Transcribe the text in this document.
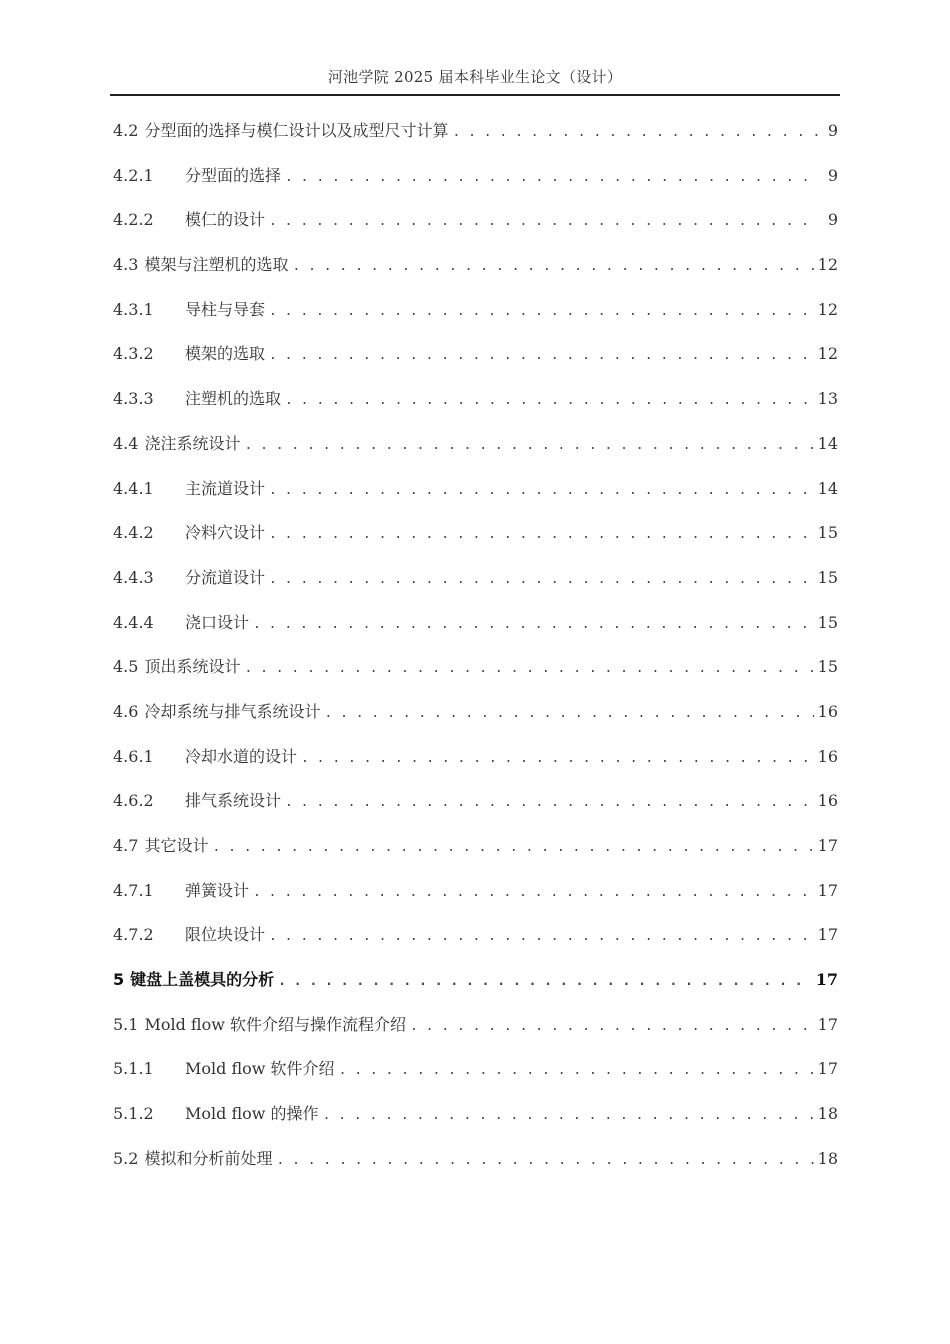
河池学院 2025 届本科毕业生论文（设计）
4.2 分型面的选择与模仁设计以及成型尺寸计算 . . .	9
4.2.1	分型面的选择 . . .	9
4.2.2	模仁的设计 . . .	9
4.3 模架与注塑机的选取 . . .	12
4.3.1	导柱与导套 . . .	12
4.3.2	模架的选取 . . .	12
4.3.3	注塑机的选取 . . .	13
4.4 浇注系统设计 . . .	14
4.4.1	主流道设计 . . .	14
4.4.2	冷料穴设计 . . .	15
4.4.3	分流道设计 . . .	15
4.4.4	浇口设计 . . .	15
4.5 顶出系统设计 . . .	15
4.6 冷却系统与排气系统设计 . . .	16
4.6.1	冷却水道的设计 . . .	16
4.6.2	排气系统设计 . . .	16
4.7 其它设计 . . .	17
4.7.1	弹簧设计 . . .	17
4.7.2	限位块设计 . . .	17
5 键盘上盖模具的分析 . . .	17
5.1 Mold flow 软件介绍与操作流程介绍 . . .	17
5.1.1	Mold flow 软件介绍 . . .	17
5.1.2	Mold flow 的操作 . . .	18
5.2 模拟和分析前处理 . . .	18
